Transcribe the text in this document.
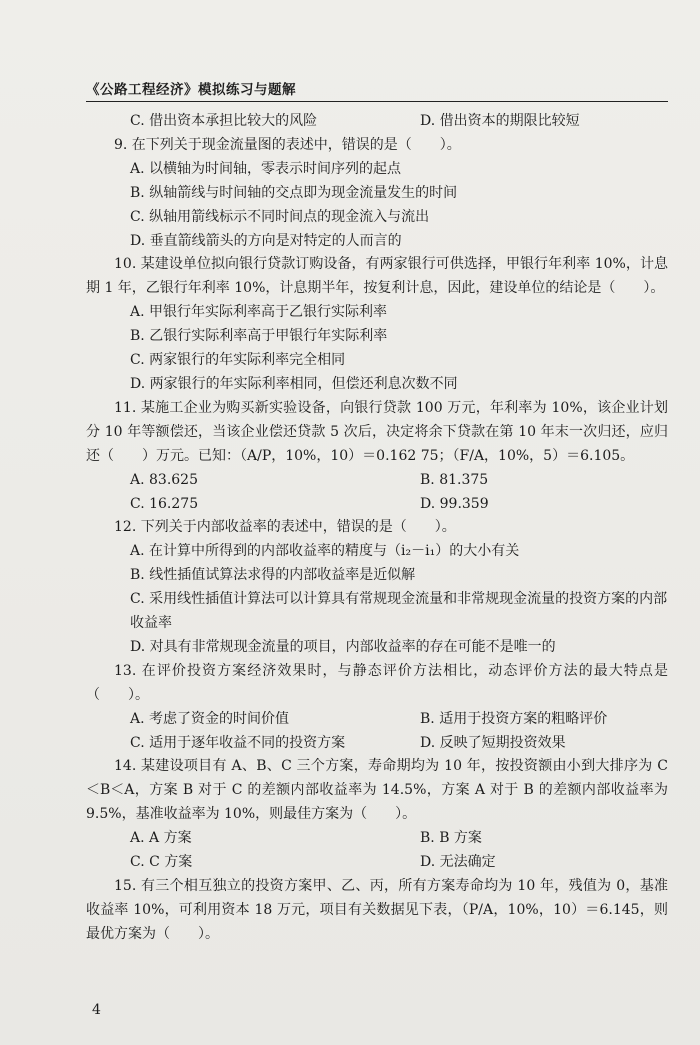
《公路工程经济》模拟练习与题解
C. 借出资本承担比较大的风险	D. 借出资本的期限比较短
9. 在下列关于现金流量图的表述中，错误的是（　　）。
A. 以横轴为时间轴，零表示时间序列的起点
B. 纵轴箭线与时间轴的交点即为现金流量发生的时间
C. 纵轴用箭线标示不同时间点的现金流入与流出
D. 垂直箭线箭头的方向是对特定的人而言的
10. 某建设单位拟向银行贷款订购设备，有两家银行可供选择，甲银行年利率 10%，计息期 1 年，乙银行年利率 10%，计息期半年，按复利计息，因此，建设单位的结论是（　　）。
A. 甲银行年实际利率高于乙银行实际利率
B. 乙银行实际利率高于甲银行年实际利率
C. 两家银行的年实际利率完全相同
D. 两家银行的年实际利率相同，但偿还利息次数不同
11. 某施工企业为购买新实验设备，向银行贷款 100 万元，年利率为 10%，该企业计划分 10 年等额偿还，当该企业偿还贷款 5 次后，决定将余下贷款在第 10 年末一次归还，应归还（　　）万元。已知：（A/P，10%，10）＝0.162 75；（F/A，10%，5）＝6.105。
A. 83.625	B. 81.375
C. 16.275	D. 99.359
12. 下列关于内部收益率的表述中，错误的是（　　）。
A. 在计算中所得到的内部收益率的精度与（i₂－i₁）的大小有关
B. 线性插值试算法求得的内部收益率是近似解
C. 采用线性插值计算法可以计算具有常规现金流量和非常规现金流量的投资方案的内部收益率
D. 对具有非常规现金流量的项目，内部收益率的存在可能不是唯一的
13. 在评价投资方案经济效果时，与静态评价方法相比，动态评价方法的最大特点是（　　）。
A. 考虑了资金的时间价值	B. 适用于投资方案的粗略评价
C. 适用于逐年收益不同的投资方案	D. 反映了短期投资效果
14. 某建设项目有 A、B、C 三个方案，寿命期均为 10 年，按投资额由小到大排序为 C＜B＜A，方案 B 对于 C 的差额内部收益率为 14.5%，方案 A 对于 B 的差额内部收益率为 9.5%，基准收益率为 10%，则最佳方案为（　　）。
A. A 方案	B. B 方案
C. C 方案	D. 无法确定
15. 有三个相互独立的投资方案甲、乙、丙，所有方案寿命均为 10 年，残值为 0，基准收益率 10%，可利用资本 18 万元，项目有关数据见下表，（P/A，10%，10）＝6.145，则最优方案为（　　）。
4
